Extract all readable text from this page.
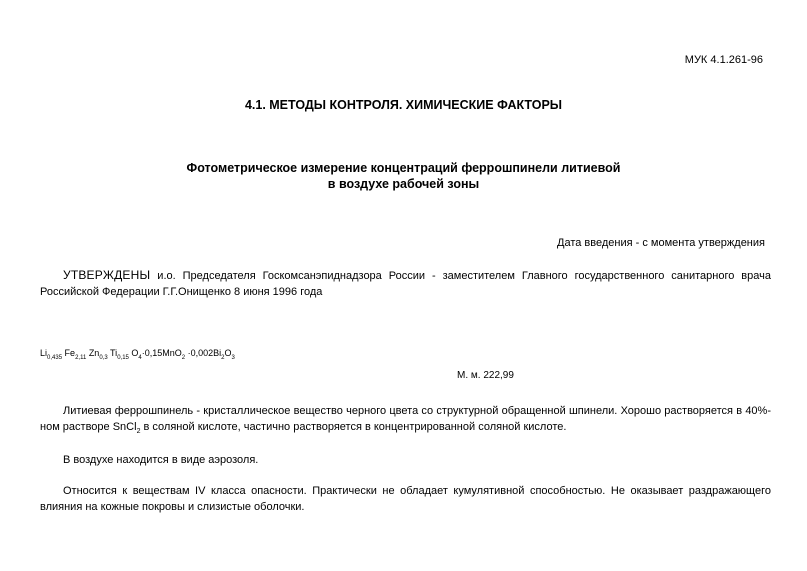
МУК 4.1.261-96
4.1. МЕТОДЫ КОНТРОЛЯ. ХИМИЧЕСКИЕ ФАКТОРЫ
Фотометрическое измерение концентраций феррошпинели литиевой
в воздухе рабочей зоны
Дата введения - с момента утверждения
УТВЕРЖДЕНЫ и.о. Председателя Госкомсанэпиднадзора России - заместителем Главного государственного санитарного врача Российской Федерации Г.Г.Онищенко 8 июня 1996 года
$Li_{0,435}$ $Fe_{2,11}$ $Zn_{0,3}$ $Ti_{0,15}$ $O_4\cdot 0,15MnO_2 \cdot 0,002Bi_2O_3$
М. м. 222,99
Литиевая феррошпинель - кристаллическое вещество черного цвета со структурной обращенной шпинели. Хорошо растворяется в 40%-ном растворе SnCl$_2$ в соляной кислоте, частично растворяется в концентрированной соляной кислоте.
В воздухе находится в виде аэрозоля.
Относится к веществам IV класса опасности. Практически не обладает кумулятивной способностью. Не оказывает раздражающего влияния на кожные покровы и слизистые оболочки.
